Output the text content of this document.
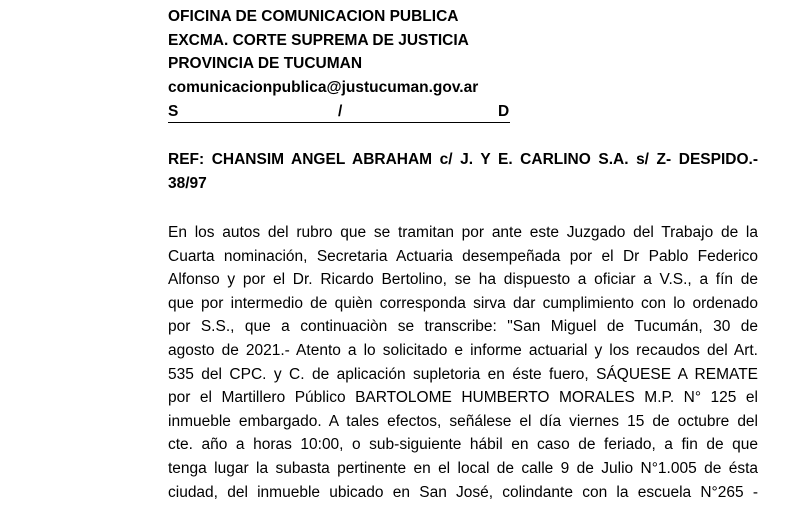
OFICINA DE COMUNICACION PUBLICA
EXCMA. CORTE SUPREMA DE JUSTICIA
PROVINCIA DE TUCUMAN
comunicacionpublica@justucuman.gov.ar
S	/	D
REF: CHANSIM ANGEL ABRAHAM c/ J. Y E. CARLINO S.A. s/ Z- DESPIDO.-
38/97
En los autos del rubro que se tramitan por ante este Juzgado del Trabajo de la
Cuarta nominación, Secretaria Actuaria desempeñada por el Dr Pablo Federico
Alfonso y por el Dr. Ricardo Bertolino, se ha dispuesto a oficiar a V.S., a fín de
que por intermedio de quièn corresponda sirva dar cumplimiento con lo ordenado
por S.S., que a continuaciòn se transcribe: "San Miguel de Tucumán, 30 de
agosto de 2021.- Atento a lo solicitado e informe actuarial y los recaudos del Art.
535 del CPC. y C. de aplicación supletoria en éste fuero, SÁQUESE A REMATE
por el Martillero Público BARTOLOME HUMBERTO MORALES M.P. N° 125 el
inmueble embargado. A tales efectos, señálese el día viernes 15 de octubre del
cte. año a horas 10:00, o sub-siguiente hábil en caso de feriado, a fin de que
tenga lugar la subasta pertinente en el local de calle 9 de Julio N°1.005 de ésta
ciudad, del inmueble ubicado en San José, colindante con la escuela N°265 -
